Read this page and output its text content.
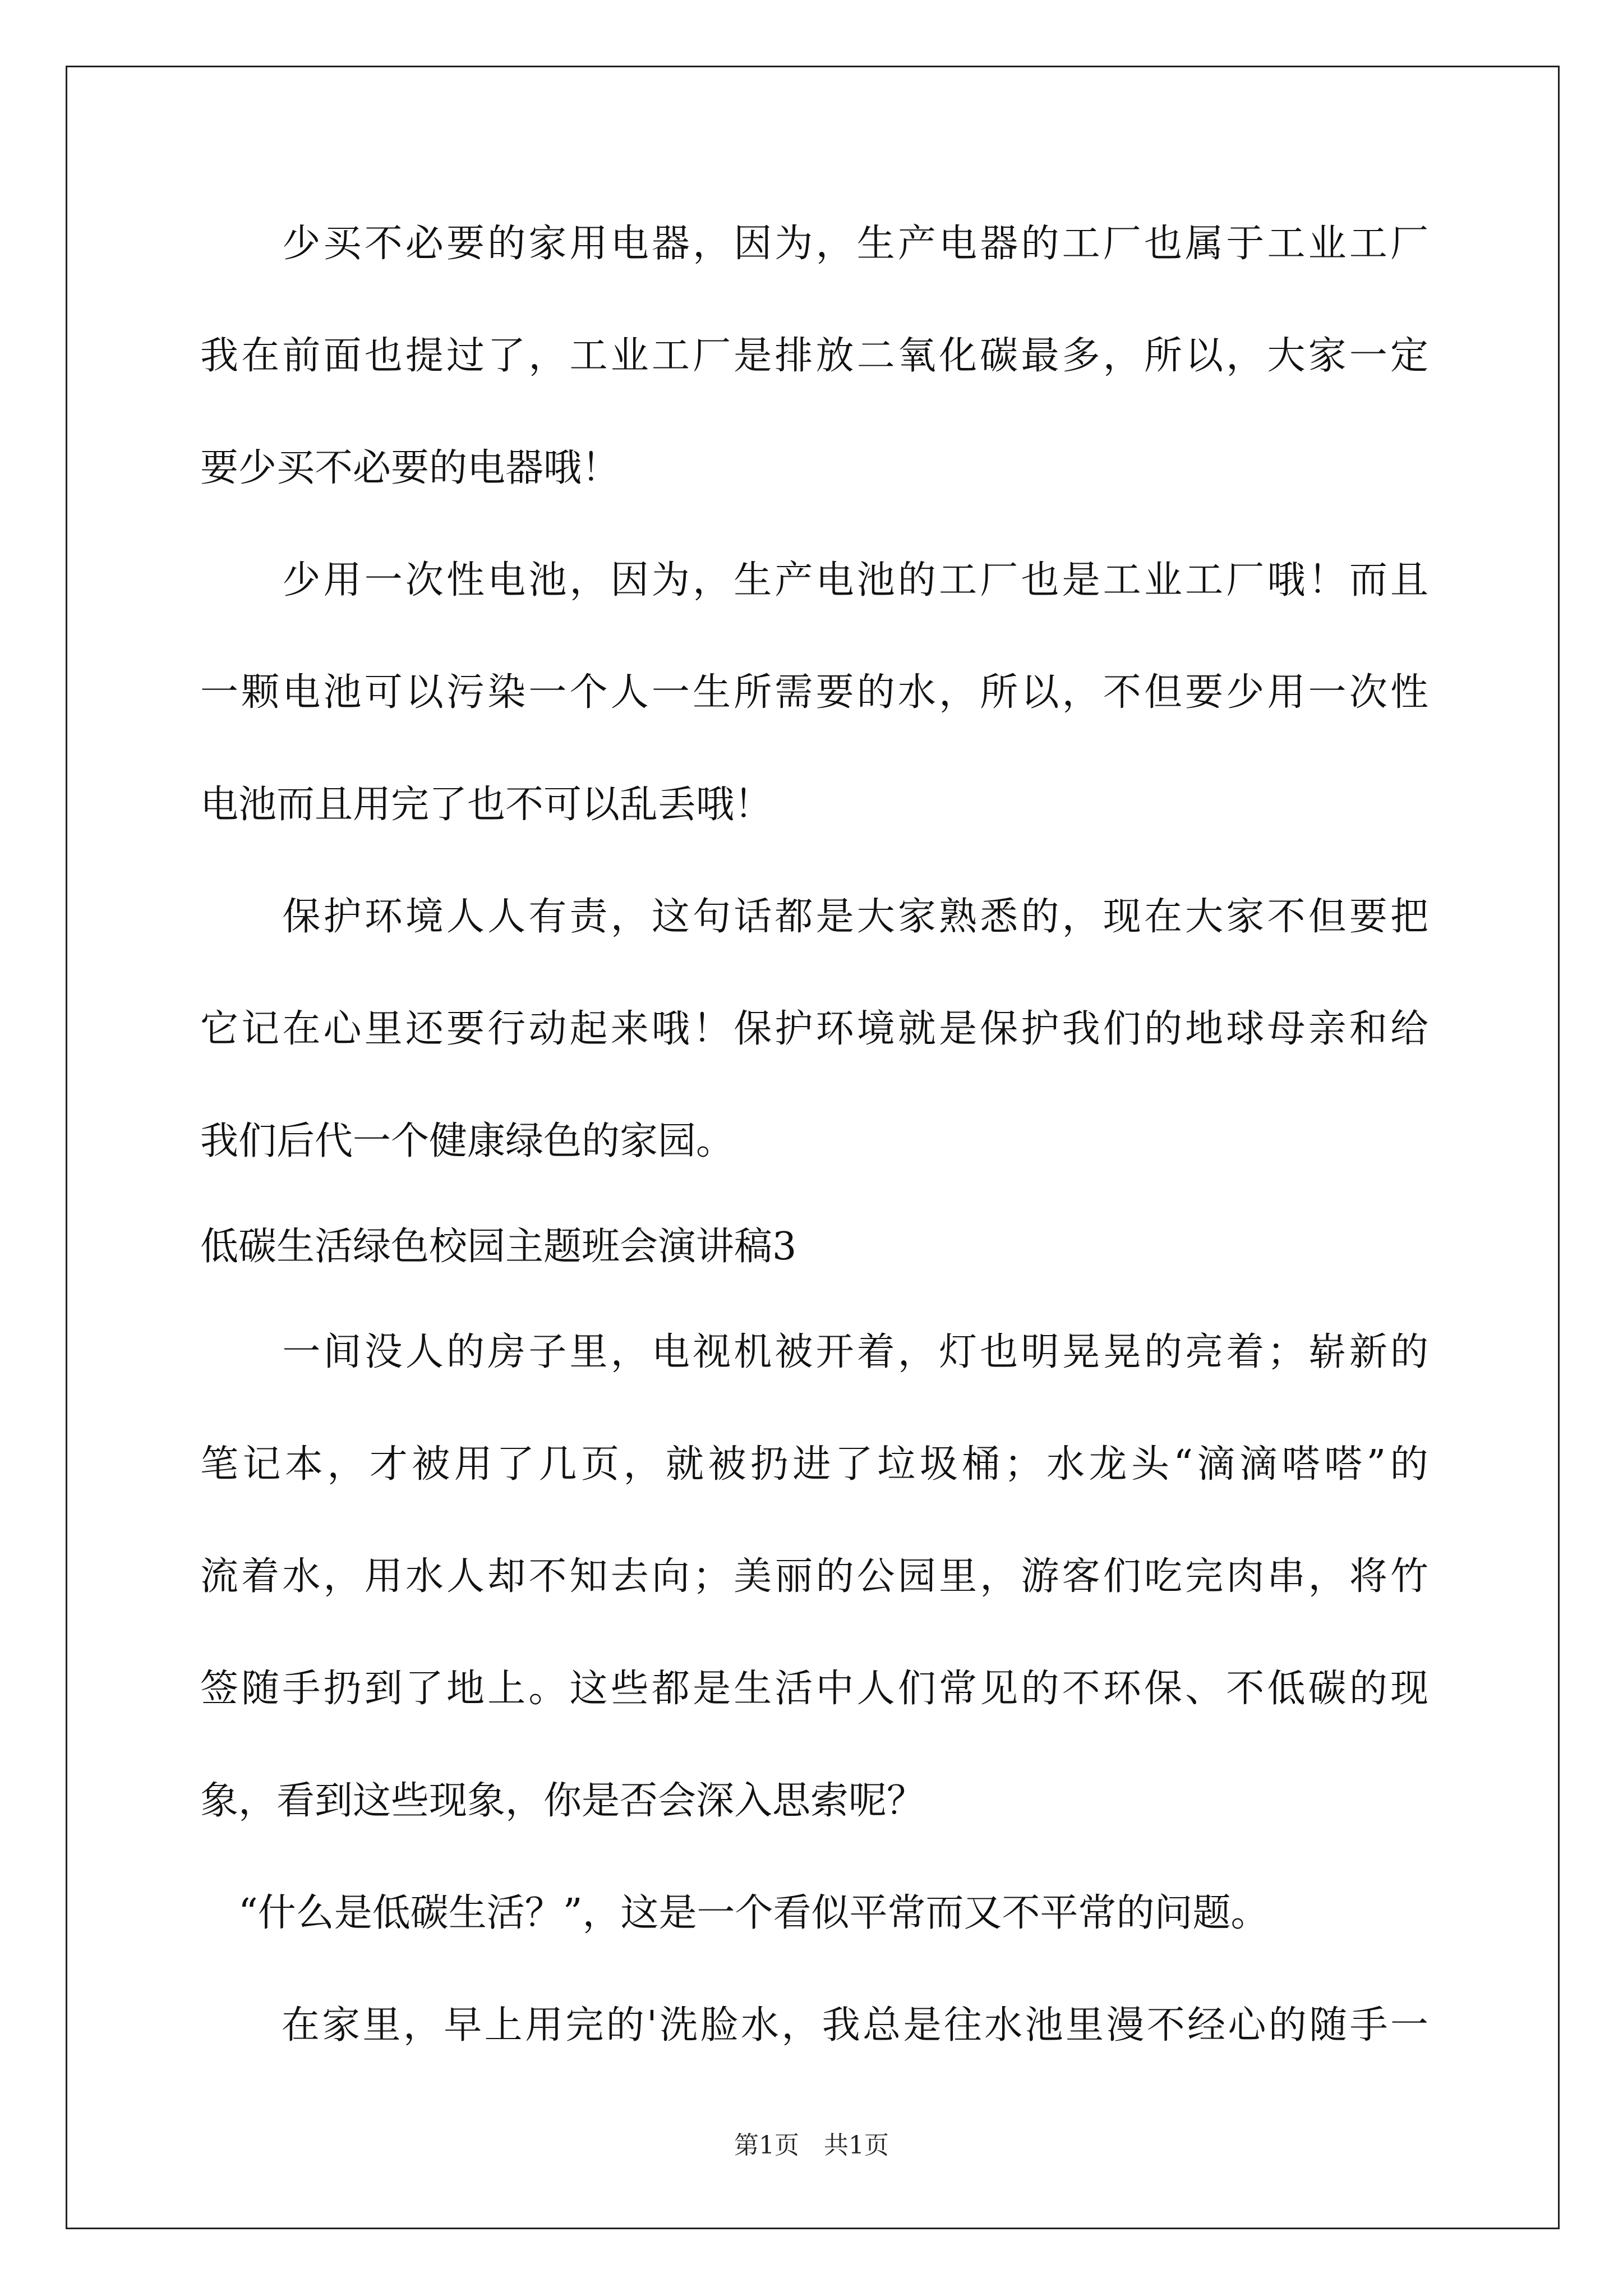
少 买 不 必 要 的 家 用 电 器 ， 因 为 ， 生 产 电 器 的 工 厂 也 属 于 工 业 工 厂
我 在 前 面 也 提 过 了 ， 工 业 工 厂 是 排 放 二 氧 化 碳 最 多 ， 所 以 ， 大 家 一 定
要少买不必要的电器哦！

少 用 一 次 性 电 池 ， 因 为 ， 生 产 电 池 的 工 厂 也 是 工 业 工 厂 哦 ！ 而 且
一 颗 电 池 可 以 污 染 一 个 人 一 生 所 需 要 的 水 ， 所 以 ， 不 但 要 少 用 一 次 性
电池而且用完了也不可以乱丢哦！

保 护 环 境 人 人 有 责 ， 这 句 话 都 是 大 家 熟 悉 的 ， 现 在 大 家 不 但 要 把
它 记 在 心 里 还 要 行 动 起 来 哦 ！ 保 护 环 境 就 是 保 护 我 们 的 地 球 母 亲 和 给
我们后代一个健康绿色的家园。
低碳生活绿色校园主题班会演讲稿3

一 间 没 人 的 房 子 里 ， 电 视 机 被 开 着 ， 灯 也 明 晃 晃 的 亮 着 ； 崭 新 的
笔 记 本 ， 才 被 用 了 几 页 ， 就 被 扔 进 了 垃 圾 桶 ； 水 龙 头 “ 滴 滴 嗒 嗒 ” 的
流 着 水 ， 用 水 人 却 不 知 去 向 ； 美 丽 的 公 园 里 ， 游 客 们 吃 完 肉 串 ， 将 竹
签 随 手 扔 到 了 地 上 。 这 些 都 是 生 活 中 人 们 常 见 的 不 环 保 、 不 低 碳 的 现
象，看到这些现象，你是否会深入思索呢？
　“什么是低碳生活？”，这是一个看似平常而又不平常的问题。

在 家 里 ， 早 上 用 完 的 ' 洗 脸 水 ， 我 总 是 往 水 池 里 漫 不 经 心 的 随 手 一
第1页　共1页
